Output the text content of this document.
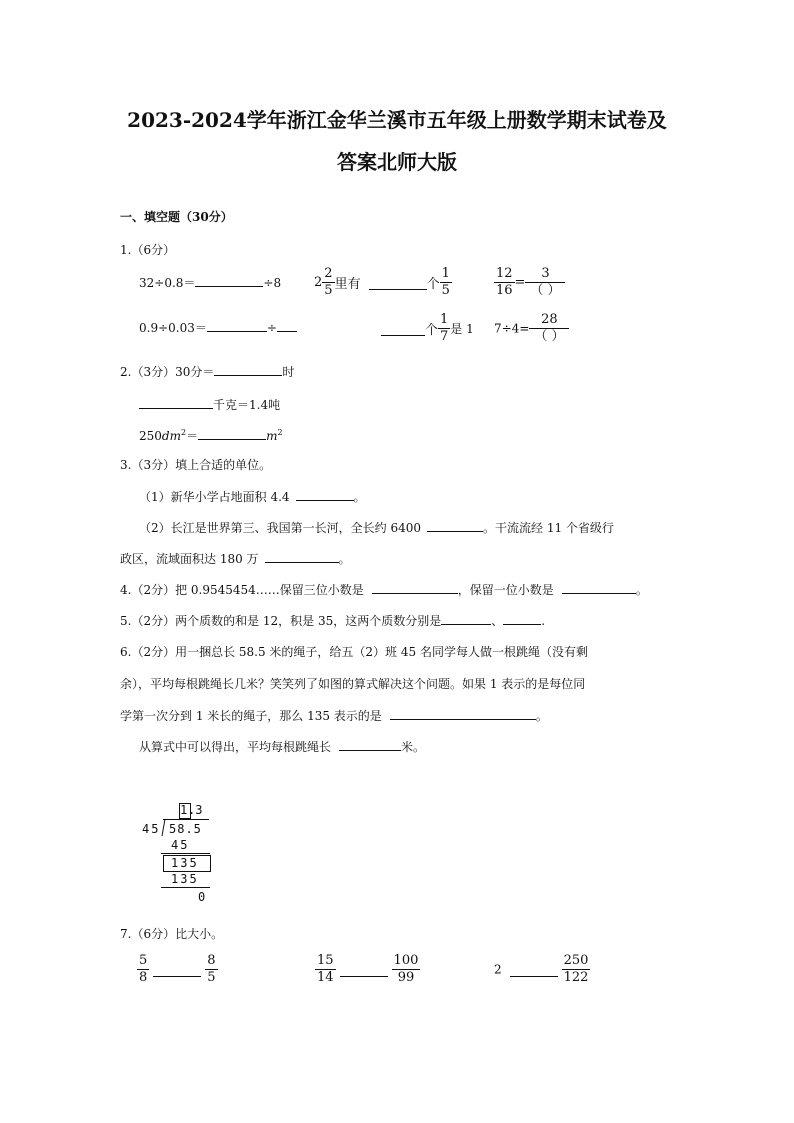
2023-2024学年浙江金华兰溪市五年级上册数学期末试卷及
答案北师大版
一、填空题（30分）
1.（6分）
32÷0.8＝	÷8	$2 \frac{2}{5}$ 里有	个 $\frac{1}{5}$	$\frac{12}{16} = \frac{3}{( )}$
0.9÷0.03＝	÷	个 $\frac{1}{7}$ 是 1 $7\div 4= \frac{28}{( )}$
2.（3分）30分＝	时
千克＝1.4吨
$250dm^2=$	$m^2$
3.（3分）填上合适的单位。
（1）新华小学占地面积 4.4	。
（2）长江是世界第三、我国第一长河，全长约 6400	。干流流经 11 个省级行
政区，流域面积达 180 万	。
4.（2分）把 0.9545454……保留三位小数是	，保留一位小数是	。
5.（2分）两个质数的和是 12，积是 35，这两个质数分别是	、	.
6.（2分）用一捆总长 58.5 米的绳子，给五（2）班 45 名同学每人做一根跳绳（没有剩
余），平均每根跳绳长几米？笑笑列了如图的算式解决这个问题。如果 1 表示的是每位同
学第一次分到 1 米长的绳子，那么 135 表示的是	。
从算式中可以得出，平均每根跳绳长	米。
1 .3
45 58.5
45
135
135
0
7.（6分）比大小。
$\frac{5}{8}$	$\frac{8}{5}$	$\frac{15}{14}$	$\frac{100}{99}$	2	$\frac{250}{122}$
